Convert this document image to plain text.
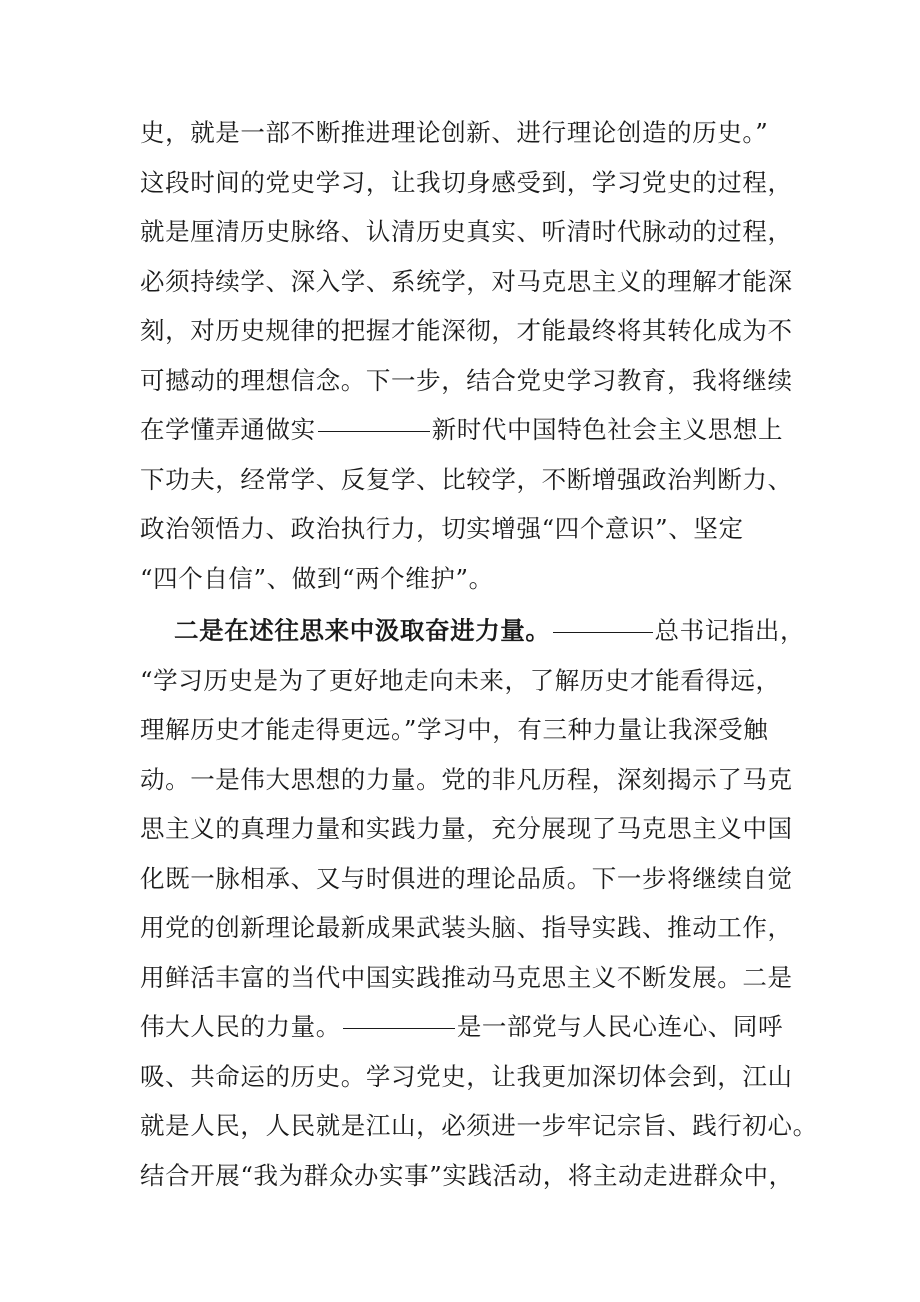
史，就是一部不断推进理论创新、进行理论创造的历史。”
这段时间的党史学习，让我切身感受到，学习党史的过程，
就是厘清历史脉络、认清历史真实、听清时代脉动的过程，
必须持续学、深入学、系统学，对马克思主义的理解才能深
刻，对历史规律的把握才能深彻，才能最终将其转化成为不
可撼动的理想信念。下一步，结合党史学习教育，我将继续
在学懂弄通做实	新时代中国特色社会主义思想上
下功夫，经常学、反复学、比较学，不断增强政治判断力、
政治领悟力、政治执行力，切实增强“四个意识”、坚定
“四个自信”、做到“两个维护”。
二是在述往思来中汲取奋进力量。	总书记指出，
“学习历史是为了更好地走向未来，了解历史才能看得远，
理解历史才能走得更远。”学习中，有三种力量让我深受触
动。一是伟大思想的力量。党的非凡历程，深刻揭示了马克
思主义的真理力量和实践力量，充分展现了马克思主义中国
化既一脉相承、又与时俱进的理论品质。下一步将继续自觉
用党的创新理论最新成果武装头脑、指导实践、推动工作，
用鲜活丰富的当代中国实践推动马克思主义不断发展。二是
伟大人民的力量。	是一部党与人民心连心、同呼
吸、共命运的历史。学习党史，让我更加深切体会到，江山
就是人民，人民就是江山，必须进一步牢记宗旨、践行初心。
结合开展“我为群众办实事”实践活动，将主动走进群众中，
